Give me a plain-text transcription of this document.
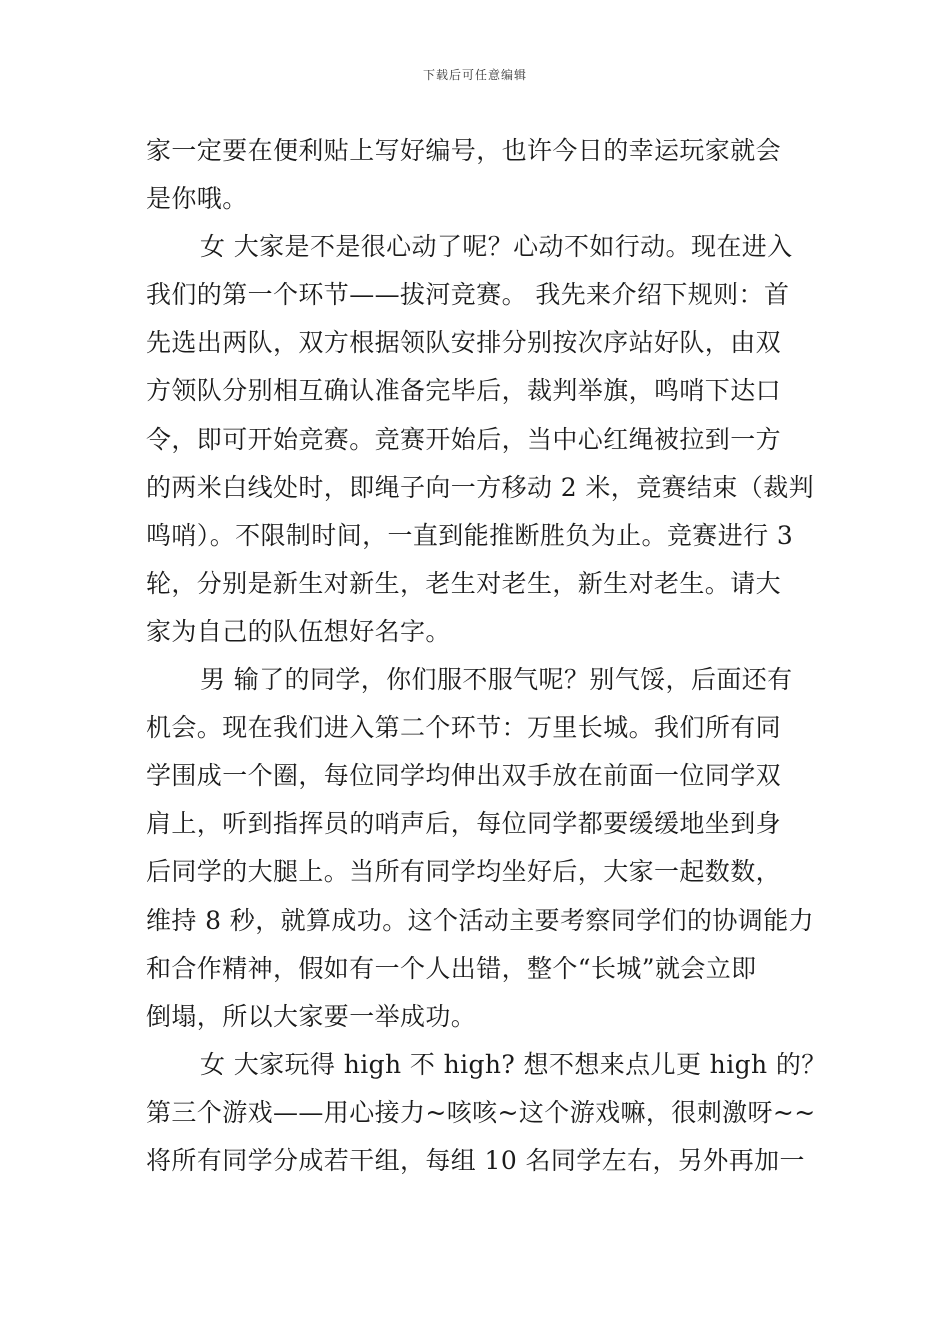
下载后可任意编辑
家一定要在便利贴上写好编号，也许今日的幸运玩家就会
是你哦。
女 大家是不是很心动了呢？心动不如行动。现在进入
我们的第一个环节——拔河竞赛。 我先来介绍下规则：首
先选出两队，双方根据领队安排分别按次序站好队，由双
方领队分别相互确认准备完毕后，裁判举旗，鸣哨下达口
令，即可开始竞赛。竞赛开始后，当中心红绳被拉到一方
的两米白线处时，即绳子向一方移动 2 米，竞赛结束（裁判
鸣哨）。不限制时间，一直到能推断胜负为止。竞赛进行 3
轮，分别是新生对新生，老生对老生，新生对老生。请大
家为自己的队伍想好名字。
男 输了的同学，你们服不服气呢？别气馁，后面还有
机会。现在我们进入第二个环节：万里长城。我们所有同
学围成一个圈，每位同学均伸出双手放在前面一位同学双
肩上，听到指挥员的哨声后，每位同学都要缓缓地坐到身
后同学的大腿上。当所有同学均坐好后，大家一起数数，
维持 8 秒，就算成功。这个活动主要考察同学们的协调能力
和合作精神，假如有一个人出错，整个“长城”就会立即
倒塌，所以大家要一举成功。
女 大家玩得 high 不 high? 想不想来点儿更 high 的？
第三个游戏——用心接力~咳咳~这个游戏嘛，很刺激呀~~
将所有同学分成若干组，每组 10 名同学左右，另外再加一
